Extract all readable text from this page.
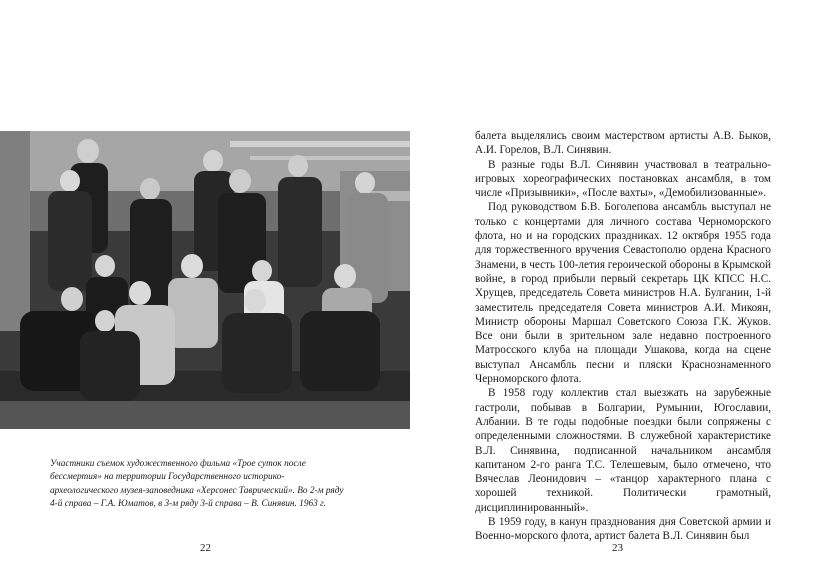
Участники съемок художественного фильма «Трое суток после бессмертия» на территории Государственного историко-археологического музея-заповедника «Херсонес Таврический». Во 2-м ряду 4-й справа – Г.А. Юматов, в 3-м ряду 3-й справа – В. Синявин. 1963 г.

22

балета выделялись своим мастерством артисты А.В. Быков, А.И. Горелов, В.Л. Синявин.

В разные годы В.Л. Синявин участвовал в театрально-игровых хореографических постановках ансамбля, в том числе «Призывники», «После вахты», «Демобилизованные».

Под руководством Б.В. Боголепова ансамбль выступал не только с концертами для личного состава Черноморского флота, но и на городских праздниках. 12 октября 1955 года для торжественного вручения Севастополю ордена Красного Знамени, в честь 100-летия героической обороны в Крымской войне, в город прибыли первый секретарь ЦК КПСС Н.С. Хрущев, председатель Совета министров Н.А. Булганин, 1-й заместитель председателя Совета министров А.И. Микоян, Министр обороны Маршал Советского Союза Г.К. Жуков. Все они были в зрительном зале недавно построенного Матросского клуба на площади Ушакова, когда на сцене выступал Ансамбль песни и пляски Краснознаменного Черноморского флота.

В 1958 году коллектив стал выезжать на зарубежные гастроли, побывав в Болгарии, Румынии, Югославии, Албании. В те годы подобные поездки были сопряжены с определенными сложностями. В служебной характеристике В.Л. Синявина, подписанной начальником ансамбля капитаном 2-го ранга Т.С. Телешевым, было отмечено, что Вячеслав Леонидович – «танцор характерного плана с хорошей техникой. Политически грамотный, дисциплинированный».

В 1959 году, в канун празднования дня Советской армии и Военно-морского флота, артист балета В.Л. Синявин был

23
